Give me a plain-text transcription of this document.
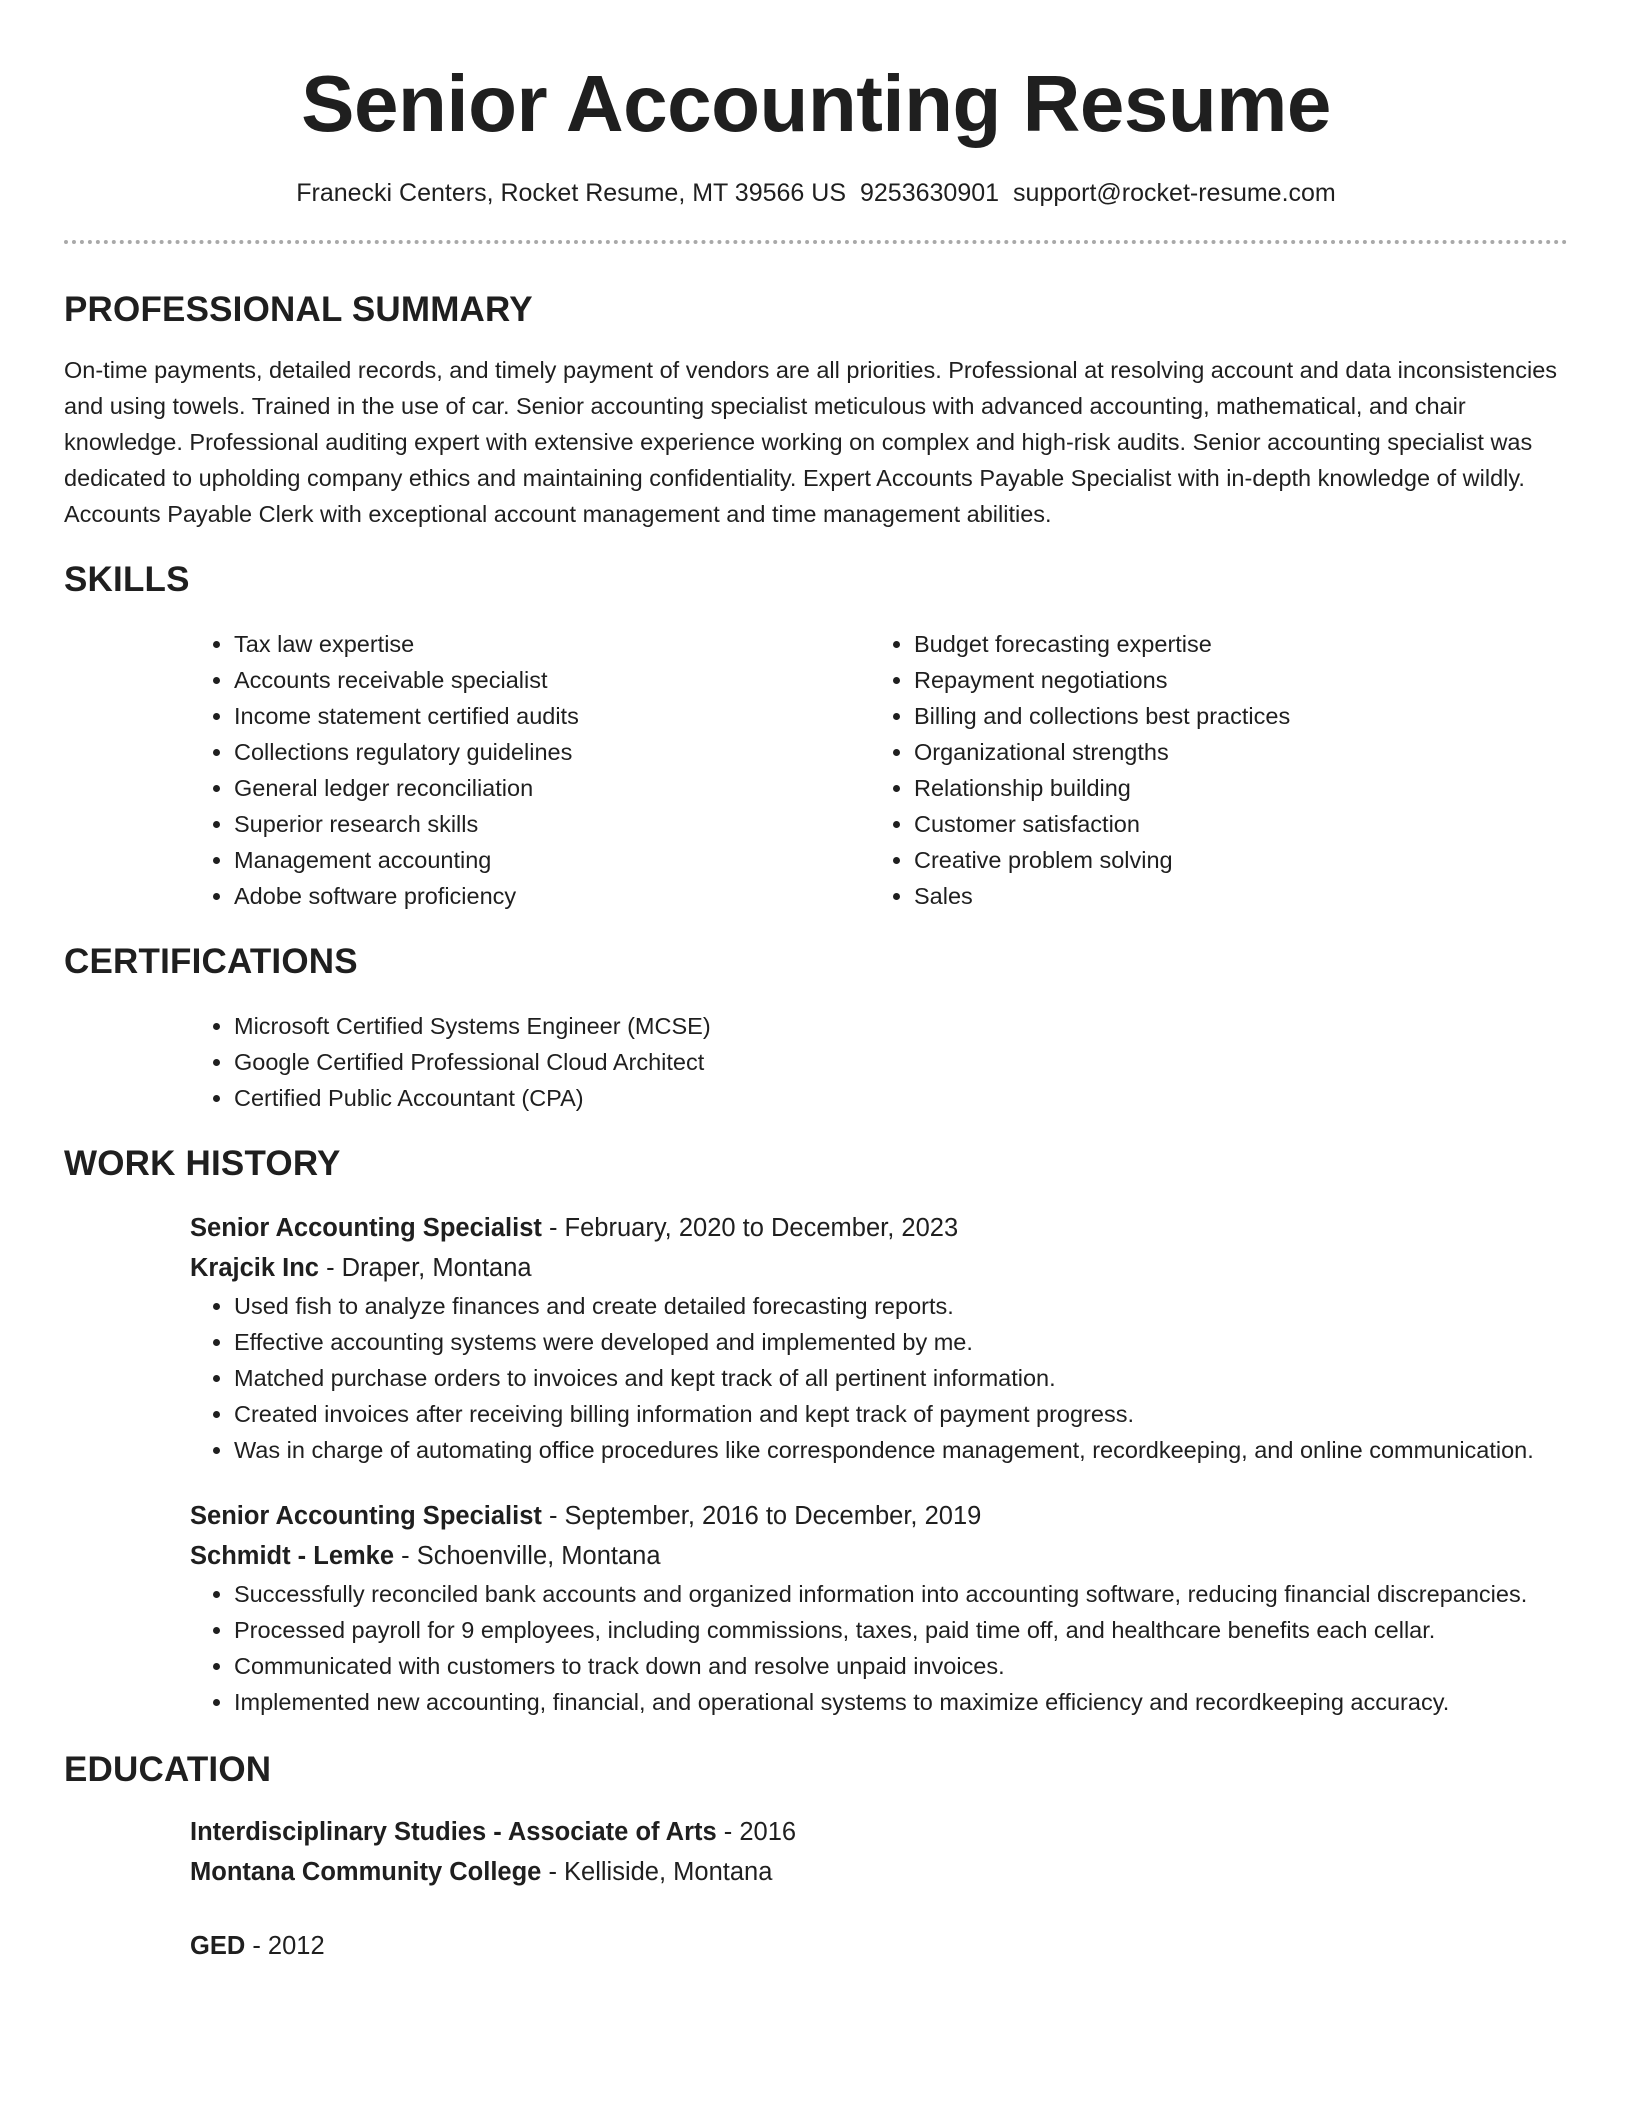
Senior Accounting Resume
Franecki Centers, Rocket Resume, MT 39566 US 9253630901 support@rocket-resume.com
PROFESSIONAL SUMMARY

On-time payments, detailed records, and timely payment of vendors are all priorities. Professional at resolving account and data inconsistencies and using towels. Trained in the use of car. Senior accounting specialist meticulous with advanced accounting, mathematical, and chair knowledge. Professional auditing expert with extensive experience working on complex and high-risk audits. Senior accounting specialist was dedicated to upholding company ethics and maintaining confidentiality. Expert Accounts Payable Specialist with in-depth knowledge of wildly. Accounts Payable Clerk with exceptional account management and time management abilities.

SKILLS
• Tax law expertise
• Accounts receivable specialist
• Income statement certified audits
• Collections regulatory guidelines
• General ledger reconciliation
• Superior research skills
• Management accounting
• Adobe software proficiency
• Budget forecasting expertise
• Repayment negotiations
• Billing and collections best practices
• Organizational strengths
• Relationship building
• Customer satisfaction
• Creative problem solving
• Sales
CERTIFICATIONS
• Microsoft Certified Systems Engineer (MCSE)
• Google Certified Professional Cloud Architect
• Certified Public Accountant (CPA)
WORK HISTORY
Senior Accounting Specialist - February, 2020 to December, 2023
Krajcik Inc - Draper, Montana
• Used fish to analyze finances and create detailed forecasting reports.
• Effective accounting systems were developed and implemented by me.
• Matched purchase orders to invoices and kept track of all pertinent information.
• Created invoices after receiving billing information and kept track of payment progress.
• Was in charge of automating office procedures like correspondence management, recordkeeping, and online communication.
Senior Accounting Specialist - September, 2016 to December, 2019
Schmidt - Lemke - Schoenville, Montana
• Successfully reconciled bank accounts and organized information into accounting software, reducing financial discrepancies.
• Processed payroll for 9 employees, including commissions, taxes, paid time off, and healthcare benefits each cellar.
• Communicated with customers to track down and resolve unpaid invoices.
• Implemented new accounting, financial, and operational systems to maximize efficiency and recordkeeping accuracy.
EDUCATION
Interdisciplinary Studies - Associate of Arts - 2016
Montana Community College - Kelliside, Montana
GED - 2012
